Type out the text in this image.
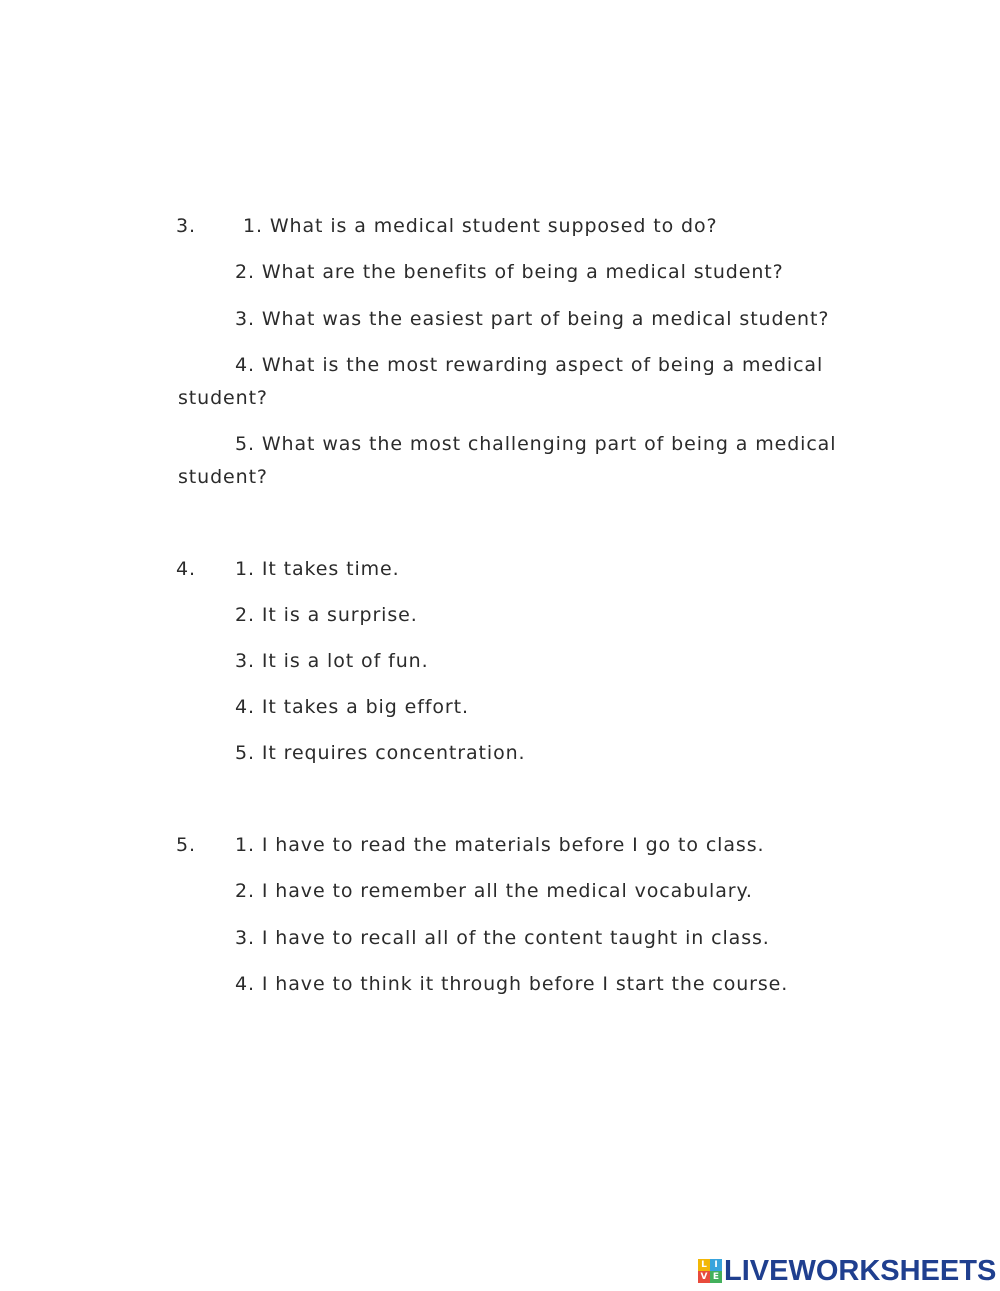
3. 1. What is a medical student supposed to do?
2. What are the benefits of being a medical student?
3. What was the easiest part of being a medical student?
4. What is the most rewarding aspect of being a medical
student?
5. What was the most challenging part of being a medical
student?
4. 1. It takes time.
2. It is a surprise.
3. It is a lot of fun.
4. It takes a big effort.
5. It requires concentration.
5. 1. I have to read the materials before I go to class.
2. I have to remember all the medical vocabulary.
3. I have to recall all of the content taught in class.
4. I have to think it through before I start the course.
L I
V E LIVEWORKSHEETS
